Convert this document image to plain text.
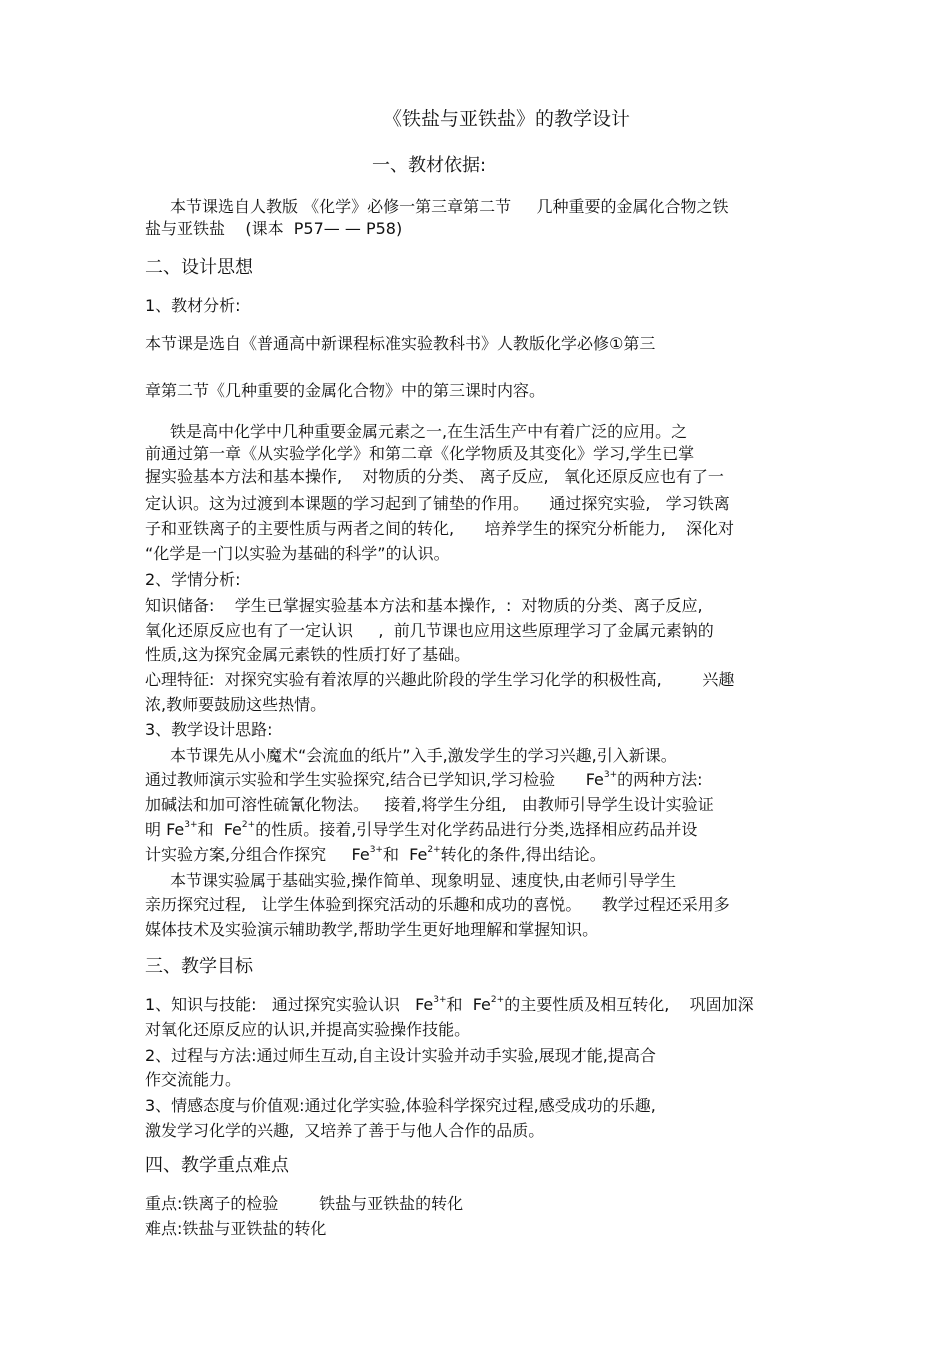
《铁盐与亚铁盐》的教学设计
一、教材依据:
本节课选自人教版 《化学》必修一第三章第二节     几种重要的金属化合物之铁
盐与亚铁盐    (课本  P57— — P58)
二、设计思想
1、教材分析:
本节课是选自《普通高中新课程标准实验教科书》人教版化学必修①第三
章第二节《几种重要的金属化合物》中的第三课时内容。
铁是高中化学中几种重要金属元素之一,在生活生产中有着广泛的应用。之
前通过第一章《从实验学化学》和第二章《化学物质及其变化》学习,学生已掌
握实验基本方法和基本操作,    对物质的分类、 离子反应,   氧化还原反应也有了一
定认识。这为过渡到本课题的学习起到了铺垫的作用。    通过探究实验,   学习铁离
子和亚铁离子的主要性质与两者之间的转化,      培养学生的探究分析能力,    深化对
“化学是一门以实验为基础的科学”的认识。
2、学情分析:
知识储备:    学生已掌握实验基本方法和基本操作,  :  对物质的分类、离子反应,
氧化还原反应也有了一定认识     ,  前几节课也应用这些原理学习了金属元素钠的
性质,这为探究金属元素铁的性质打好了基础。
心理特征:  对探究实验有着浓厚的兴趣此阶段的学生学习化学的积极性高,        兴趣
浓,教师要鼓励这些热情。
3、教学设计思路:
本节课先从小魔术“会流血的纸片”入手,激发学生的学习兴趣,引入新课。
通过教师演示实验和学生实验探究,结合已学知识,学习检验      $Fe^{3+}$的两种方法:
加碱法和加可溶性硫氰化物法。   接着,将学生分组,   由教师引导学生设计实验证
明 $Fe^{3+}$和  $Fe^{2+}$的性质。接着,引导学生对化学药品进行分类,选择相应药品并设
计实验方案,分组合作探究     $Fe^{3+}$和  $Fe^{2+}$转化的条件,得出结论。
本节课实验属于基础实验,操作简单、现象明显、速度快,由老师引导学生
亲历探究过程,   让学生体验到探究活动的乐趣和成功的喜悦。    教学过程还采用多
媒体技术及实验演示辅助教学,帮助学生更好地理解和掌握知识。
三、教学目标
1、知识与技能:   通过探究实验认识   $Fe^{3+}$和  $Fe^{2+}$的主要性质及相互转化,    巩固加深
对氧化还原反应的认识,并提高实验操作技能。
2、过程与方法:通过师生互动,自主设计实验并动手实验,展现才能,提高合
作交流能力。
3、情感态度与价值观:通过化学实验,体验科学探究过程,感受成功的乐趣,
激发学习化学的兴趣,  又培养了善于与他人合作的品质。
四、教学重点难点
重点:铁离子的检验        铁盐与亚铁盐的转化
难点:铁盐与亚铁盐的转化
